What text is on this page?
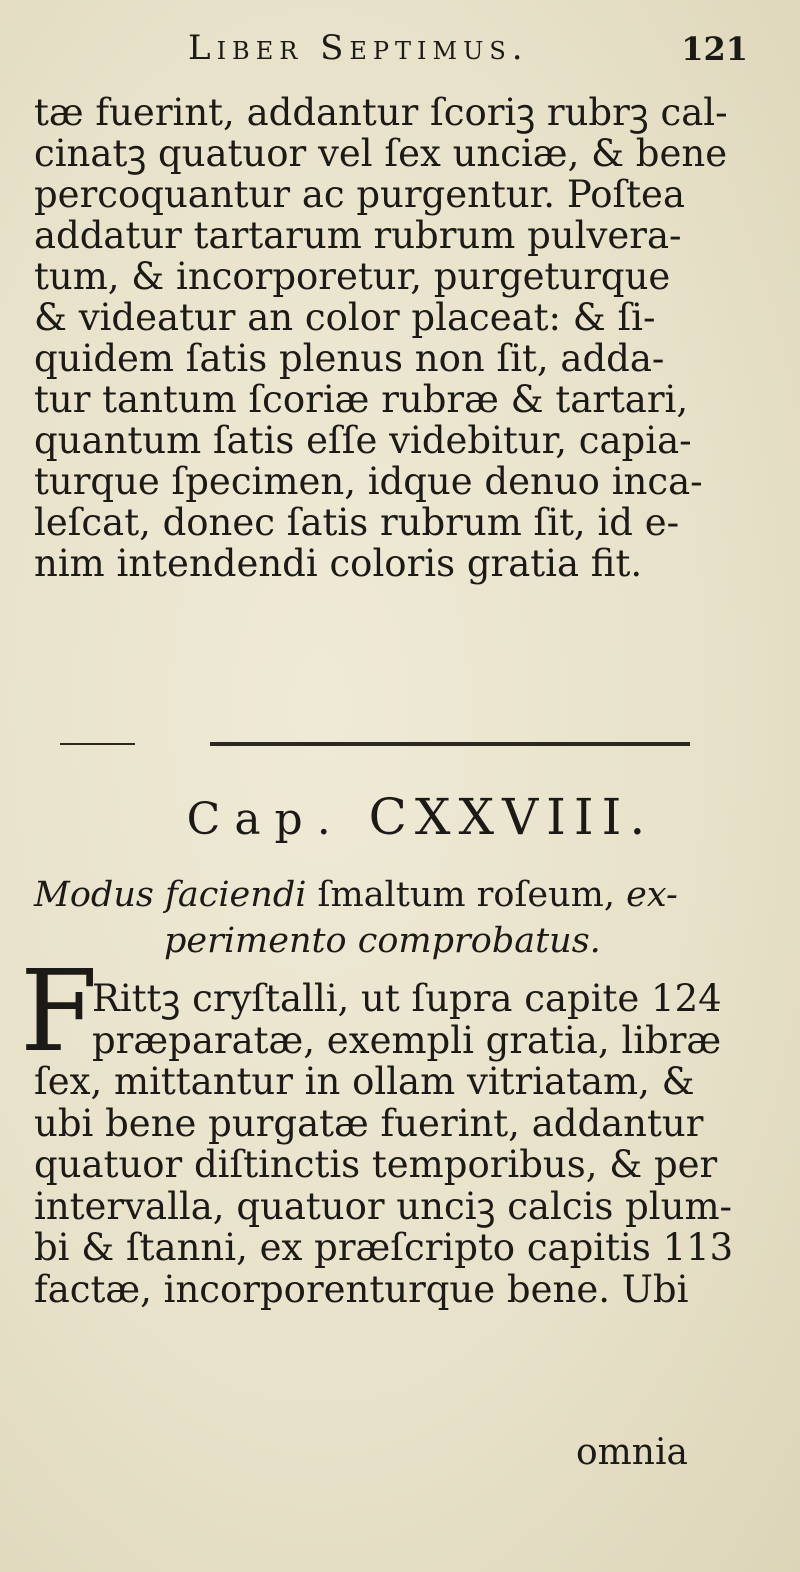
Liber Septimus.	121
tæ fuerint, addantur ſcoriꝫ rubrꝫ cal-
cinatꝫ quatuor vel ſex unciæ, & bene
percoquantur ac purgentur. Poſtea
addatur tartarum rubrum pulvera-
tum, & incorporetur, purgeturque
& videatur an color placeat: & ſi-
quidem ſatis plenus non ſit, adda-
tur tantum ſcoriæ rubræ & tartari,
quantum ſatis eſſe videbitur, capia-
turque ſpecimen, idque denuo inca-
leſcat, donec ſatis rubrum ſit, id e-
nim intendendi coloris gratia fit.
Cap. CXXVIII.
Modus faciendi ſmaltum roſeum, ex-
perimento comprobatus.
F
Rittꝫ cryſtalli, ut ſupra capite 124
præparatæ, exempli gratia, libræ
ſex, mittantur in ollam vitriatam, &
ubi bene purgatæ fuerint, addantur
quatuor diſtinctis temporibus, & per
intervalla, quatuor unciꝫ calcis plum-
bi & ſtanni, ex præſcripto capitis 113
factæ, incorporenturque bene. Ubi
omnia
